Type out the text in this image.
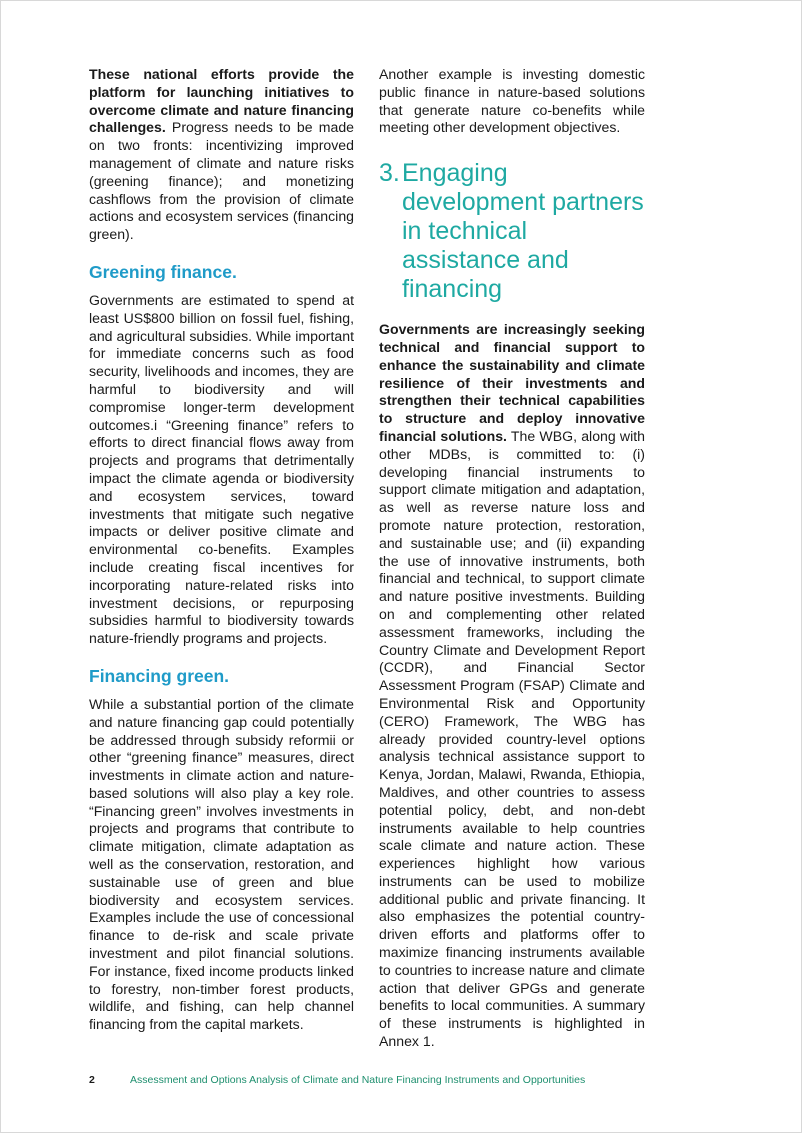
These national efforts provide the platform for launching initiatives to overcome climate and nature financing challenges. Progress needs to be made on two fronts: incentivizing improved management of climate and nature risks (greening finance); and monetizing cashflows from the provision of climate actions and ecosystem services (financing green).

Greening finance.

Governments are estimated to spend at least US$800 billion on fossil fuel, fishing, and agricultural subsidies. While important for immediate concerns such as food security, livelihoods and incomes, they are harmful to biodiversity and will compromise longer-term development outcomes.i “Greening finance” refers to efforts to direct financial flows away from projects and programs that detrimentally impact the climate agenda or biodiversity and ecosystem services, toward investments that mitigate such negative impacts or deliver positive climate and environmental co-benefits. Examples include creating fiscal incentives for incorporating nature-related risks into investment decisions, or repurposing subsidies harmful to biodiversity towards nature-friendly programs and projects.

Financing green.

While a substantial portion of the climate and nature financing gap could potentially be addressed through subsidy reformii or other “greening finance” measures, direct investments in climate action and nature-based solutions will also play a key role. “Financing green” involves investments in projects and programs that contribute to climate mitigation, climate adaptation as well as the conservation, restoration, and sustainable use of green and blue biodiversity and ecosystem services. Examples include the use of concessional finance to de-risk and scale private investment and pilot financial solutions. For instance, fixed income products linked to forestry, non-timber forest products, wildlife, and fishing, can help channel financing from the capital markets.

Another example is investing domestic public finance in nature-based solutions that generate nature co-benefits while meeting other development objectives.

3. Engaging development partners in technical assistance and financing

Governments are increasingly seeking technical and financial support to enhance the sustainability and climate resilience of their investments and strengthen their technical capabilities to structure and deploy innovative financial solutions. The WBG, along with other MDBs, is committed to: (i) developing financial instruments to support climate mitigation and adaptation, as well as reverse nature loss and promote nature protection, restoration, and sustainable use; and (ii) expanding the use of innovative instruments, both financial and technical, to support climate and nature positive investments. Building on and complementing other related assessment frameworks, including the Country Climate and Development Report (CCDR), and Financial Sector Assessment Program (FSAP) Climate and Environmental Risk and Opportunity (CERO) Framework, The WBG has already provided country-level options analysis technical assistance support to Kenya, Jordan, Malawi, Rwanda, Ethiopia, Maldives, and other countries to assess potential policy, debt, and non-debt instruments available to help countries scale climate and nature action. These experiences highlight how various instruments can be used to mobilize additional public and private financing. It also emphasizes the potential country-driven efforts and platforms offer to maximize financing instruments available to countries to increase nature and climate action that deliver GPGs and generate benefits to local communities. A summary of these instruments is highlighted in Annex 1.

2	Assessment and Options Analysis of Climate and Nature Financing Instruments and Opportunities
